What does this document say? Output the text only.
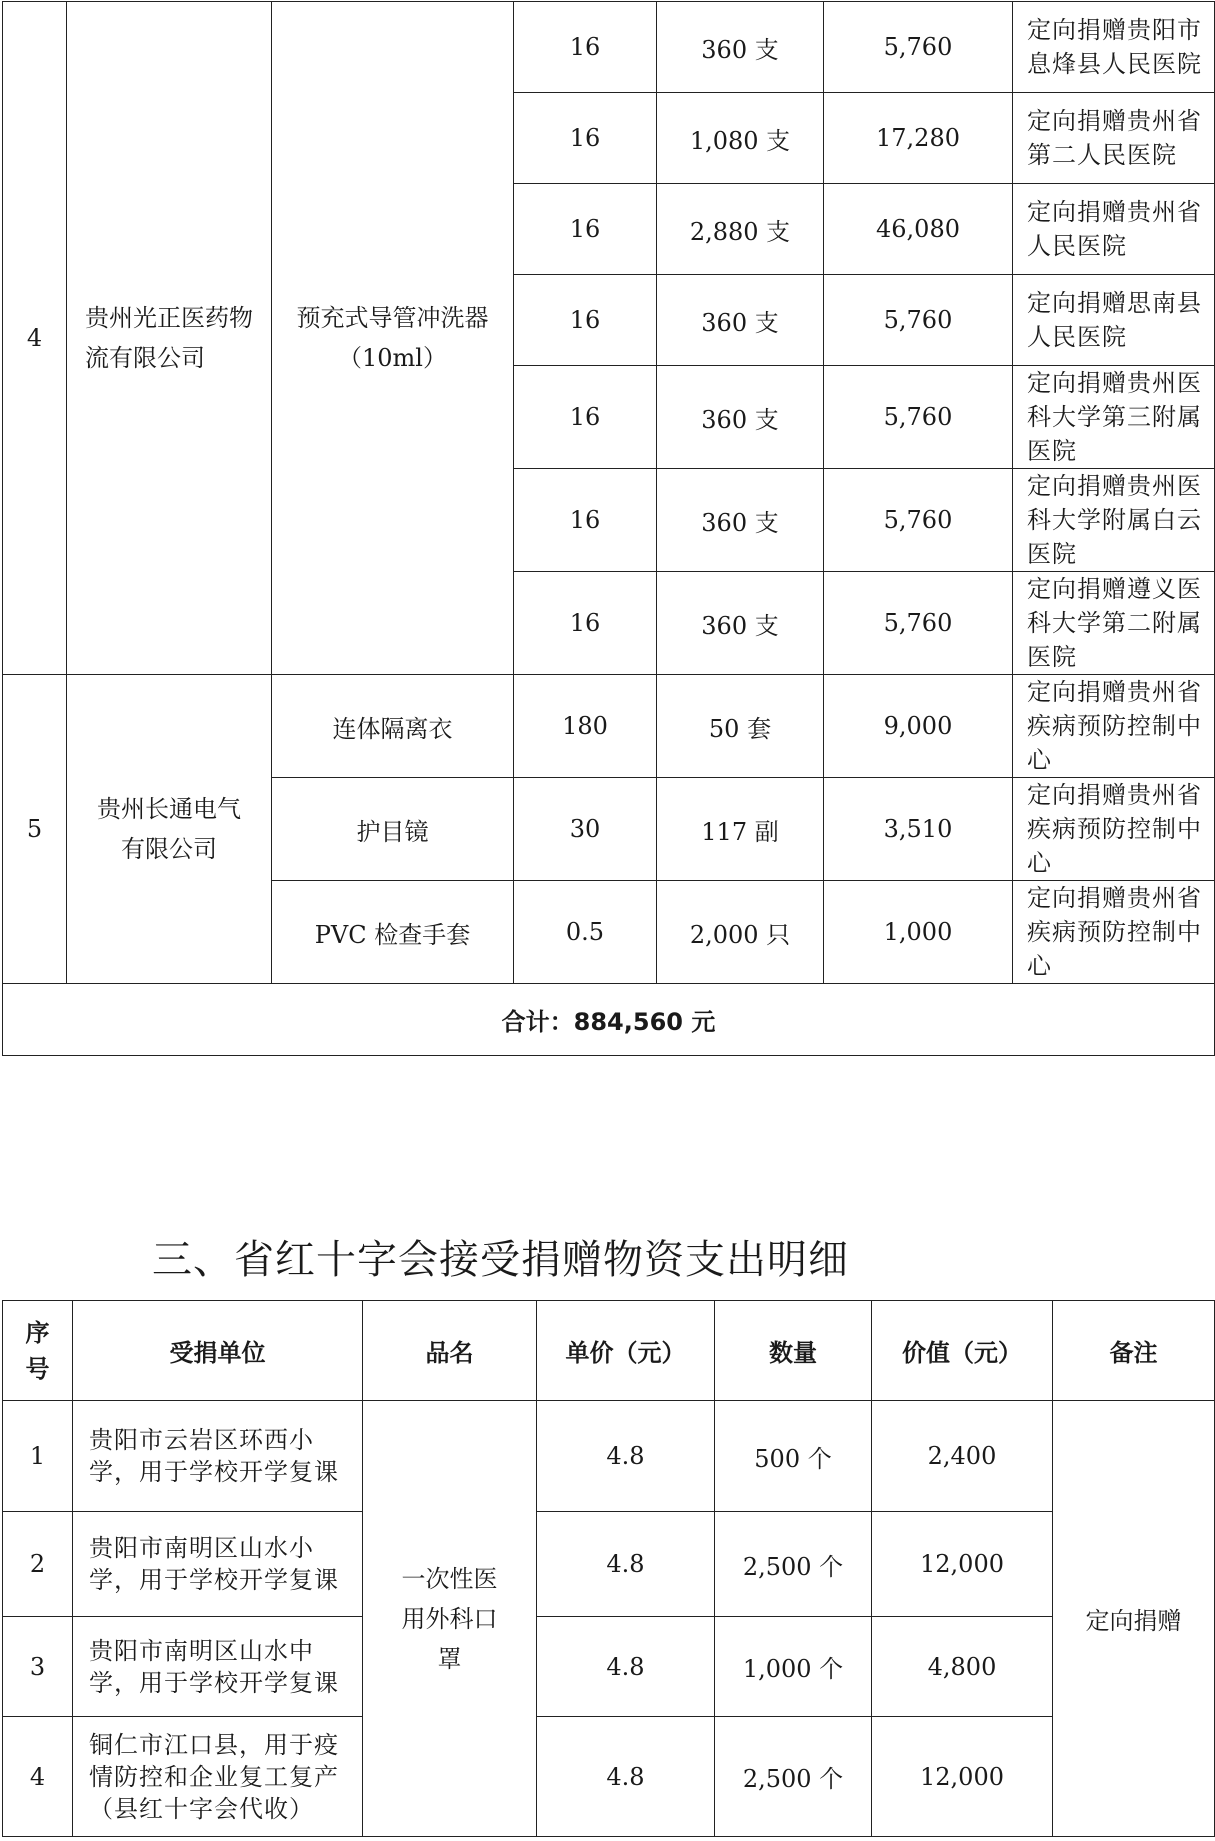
4	贵州光正医药物流有限公司	预充式导管冲洗器（10ml）	16	360 支	5,760	定向捐赠贵阳市息烽县人民医院
			16	1,080 支	17,280	定向捐赠贵州省第二人民医院
			16	2,880 支	46,080	定向捐赠贵州省人民医院
			16	360 支	5,760	定向捐赠思南县人民医院
			16	360 支	5,760	定向捐赠贵州医科大学第三附属医院
			16	360 支	5,760	定向捐赠贵州医科大学附属白云医院
			16	360 支	5,760	定向捐赠遵义医科大学第二附属医院
5	贵州长通电气有限公司	连体隔离衣	180	50 套	9,000	定向捐赠贵州省疾病预防控制中心
		护目镜	30	117 副	3,510	定向捐赠贵州省疾病预防控制中心
		PVC 检查手套	0.5	2,000 只	1,000	定向捐赠贵州省疾病预防控制中心
合计：884,560 元						
三、省红十字会接受捐赠物资支出明细
序号	受捐单位	品名	单价（元）	数量	价值（元）	备注
1	贵阳市云岩区环西小学，用于学校开学复课	一次性医用外科口罩	4.8	500 个	2,400	定向捐赠
2	贵阳市南明区山水小学，用于学校开学复课		4.8	2,500 个	12,000	
3	贵阳市南明区山水中学，用于学校开学复课		4.8	1,000 个	4,800	
4	铜仁市江口县，用于疫情防控和企业复工复产（县红十字会代收）		4.8	2,500 个	12,000	
